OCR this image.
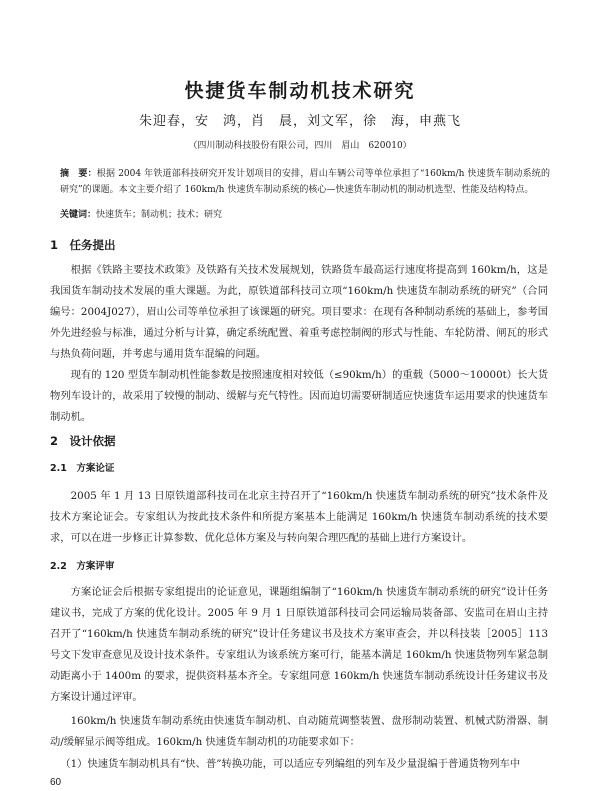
快捷货车制动机技术研究

朱迎春，安　鸿，肖　晨，刘文军，徐　海，申燕飞

（四川制动科技股份有限公司，四川　眉山　620010）

摘　要：根据 2004 年铁道部科技研究开发计划项目的安排，眉山车辆公司等单位承担了“160km/h 快速货车制动系统的研究”的课题。本文主要介绍了 160km/h 快速货车制动系统的核心—快速货车制动机的制动机选型、性能及结构特点。

关键词：快速货车；制动机；技术；研究

1　任务提出

根据《铁路主要技术政策》及铁路有关技术发展规划，铁路货车最高运行速度将提高到 160km/h，这是我国货车制动技术发展的重大课题。为此，原铁道部科技司立项“160km/h 快速货车制动系统的研究”（合同编号：2004J027），眉山公司等单位承担了该课题的研究。项目要求：在现有各种制动系统的基础上，参考国外先进经验与标准，通过分析与计算，确定系统配置、着重考虑控制阀的形式与性能、车轮防滑、闸瓦的形式与热负荷问题，并考虑与通用货车混编的问题。

现有的 120 型货车制动机性能参数是按照速度相对较低（≤90km/h）的重载（5000～10000t）长大货物列车设计的，故采用了较慢的制动、缓解与充气特性。因而迫切需要研制适应快速货车运用要求的快速货车制动机。

2　设计依据
2.1　方案论证

2005 年 1 月 13 日原铁道部科技司在北京主持召开了“160km/h 快速货车制动系统的研究”技术条件及技术方案论证会。专家组认为按此技术条件和所提方案基本上能满足 160km/h 快速货车制动系统的技术要求，可以在进一步修正计算参数、优化总体方案及与转向架合理匹配的基础上进行方案设计。

2.2　方案评审

方案论证会后根据专家组提出的论证意见，课题组编制了“160km/h 快速货车制动系统的研究”设计任务建议书，完成了方案的优化设计。2005 年 9 月 1 日原铁道部科技司会同运输局装备部、安监司在眉山主持召开了“160km/h 快速货车制动系统的研究”设计任务建议书及技术方案审查会，并以科技装［2005］113 号文下发审查意见及设计技术条件。专家组认为该系统方案可行，能基本满足 160km/h 快速货物列车紧急制动距离小于 1400m 的要求，提供资料基本齐全。专家组同意 160km/h 快速货车制动系统设计任务建议书及方案设计通过评审。

160km/h 快速货车制动系统由快速货车制动机、自动随荒调整装置、盘形制动装置、机械式防滑器、制动/缓解显示阀等组成。160km/h 快速货车制动机的功能要求如下：

（1）快速货车制动机具有“快、普”转换功能，可以适应专列编组的列车及少量混编于普通货物列车中

60
